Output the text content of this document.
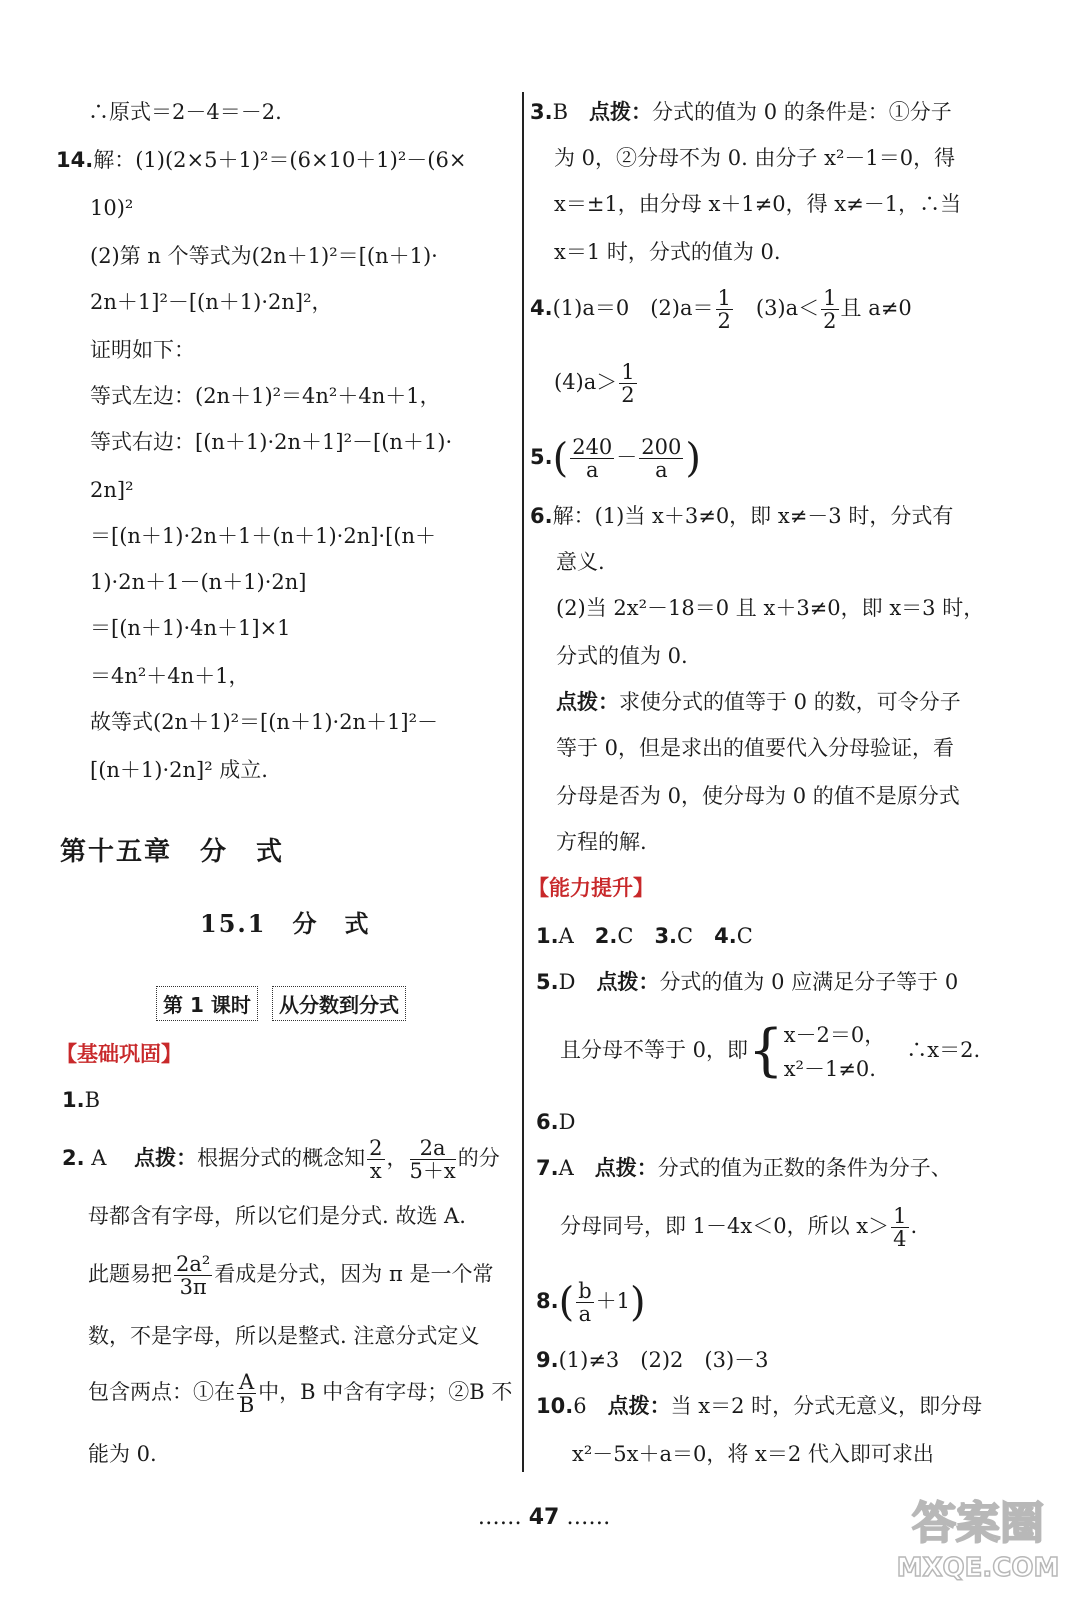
∴原式＝2－4＝－2.
14.解：(1)(2×5＋1)²＝(6×10＋1)²－(6×
10)²
(2)第 n 个等式为(2n＋1)²＝[(n＋1)·
2n＋1]²－[(n＋1)·2n]²，
证明如下：
等式左边：(2n＋1)²＝4n²＋4n＋1，
等式右边：[(n＋1)·2n＋1]²－[(n＋1)·
2n]²
＝[(n＋1)·2n＋1＋(n＋1)·2n]·[(n＋
1)·2n＋1－(n＋1)·2n]
＝[(n＋1)·4n＋1]×1
＝4n²＋4n＋1，
故等式(2n＋1)²＝[(n＋1)·2n＋1]²－
[(n＋1)·2n]² 成立.
第十五章　分　式
15.1　分　式
第 1 课时	从分数到分式
【基础巩固】
1.B
2. A　 点拨：根据分式的概念知 $\frac{2}{x}$ ， $\frac{2a}{5+x}$ 的分
母都含有字母，所以它们是分式. 故选 A.
此题易把 $\frac{\text{2a²}}{3\pi}$ 看成是分式，因为 π 是一个常
数，不是字母，所以是整式. 注意分式定义
包含两点：①在 $\frac{A}{B}$ 中，B 中含有字母；②B 不
能为 0.
3.B　点拨：分式的值为 0 的条件是：①分子
为 0，②分母不为 0. 由分子 x²－1＝0，得
x＝±1，由分母 x＋1≠0，得 x≠－1，∴当
x＝1 时，分式的值为 0.
4.(1)a＝0　$(2)a= \frac{1}{2}$
　 $(3)a< \frac{1}{2}$ 且 a≠0
$(4)a> \frac{1}{2}$
$5.( \frac{240}{a} - \frac{200}{a}$ )
6.解：(1)当 x＋3≠0，即 x≠－3 时，分式有
意义.
(2)当 2x²－18＝0 且 x＋3≠0，即 x＝3 时，
分式的值为 0.
点拨：求使分式的值等于 0 的数，可令分子
等于 0，但是求出的值要代入分母验证，看
分母是否为 0，使分母为 0 的值不是原分式
方程的解.
【能力提升】
1.A　 2.C　 3.C　 4.C
5.D　点拨：分式的值为 0 应满足分子等于 0
且分母不等于 0，即{ x－2＝0，
x²－1≠0.
　∴x＝2.
6.D
7.A　点拨：分式的值为正数的条件为分子、
分母同号，即 1－4x＜0，所以 $x> \frac{1}{4}$ .
$8.( \frac{b}{a} +1)$
9.(1)≠3　(2)2　(3)－3
10.6　点拨：当 x＝2 时，分式无意义，即分母
x²－5x＋a＝0，将 x＝2 代入即可求出
…… 47 ……	答案圈
MXQE.COM
